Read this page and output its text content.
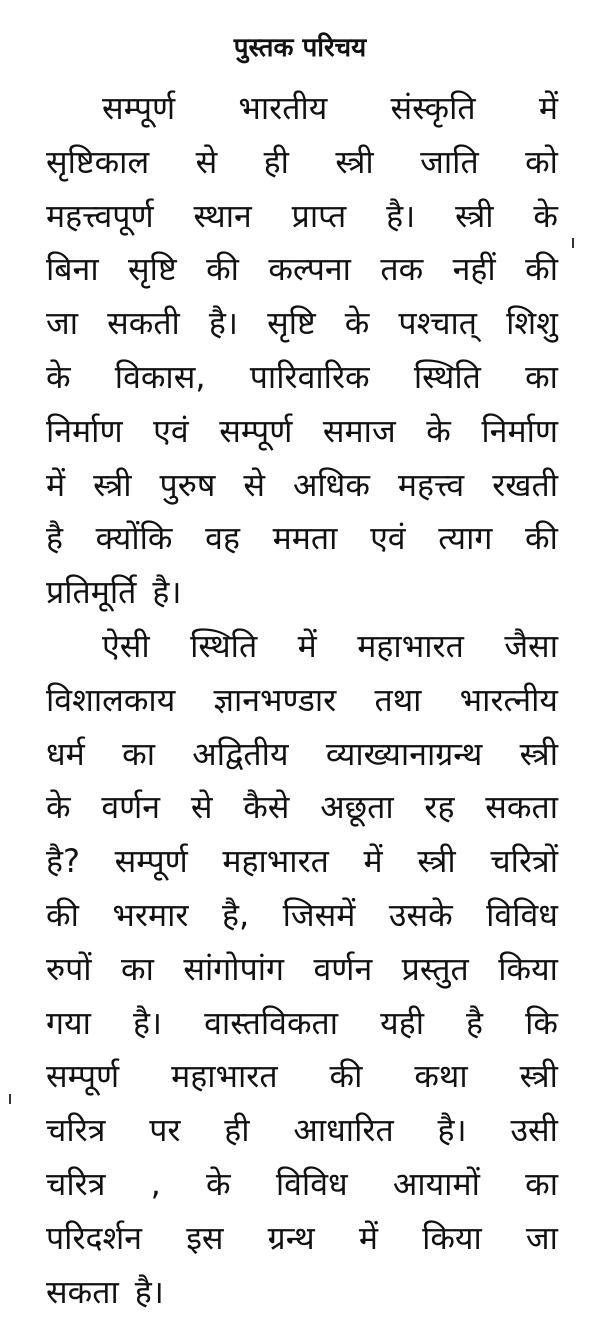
पुस्तक परिचय
सम्पूर्ण भारतीय संस्कृति में
सृष्टिकाल से ही स्त्री जाति को
महत्त्वपूर्ण स्थान प्राप्त है। स्त्री के
बिना सृष्टि की कल्पना तक नहीं की
जा सकती है। सृष्टि के पश्चात् शिशु
के विकास, पारिवारिक स्थिति का
निर्माण एवं सम्पूर्ण समाज के निर्माण
में स्त्री पुरुष से अधिक महत्त्व रखती
है क्योंकि वह ममता एवं त्याग की
प्रतिमूर्ति है।
ऐसी स्थिति में महाभारत जैसा
विशालकाय ज्ञानभण्डार तथा भारत्नीय
धर्म का अद्वितीय व्याख्यानाग्रन्थ स्त्री
के वर्णन से कैसे अछूता रह सकता
है? सम्पूर्ण महाभारत में स्त्री चरित्रों
की भरमार है, जिसमें उसके विविध
रुपों का सांगोपांग वर्णन प्रस्तुत किया
गया है। वास्तविकता यही है कि
सम्पूर्ण महाभारत की कथा स्त्री
चरित्र पर ही आधारित है। उसी
चरित्र , के विविध आयामों का
परिदर्शन इस ग्रन्थ में किया जा
सकता है।
